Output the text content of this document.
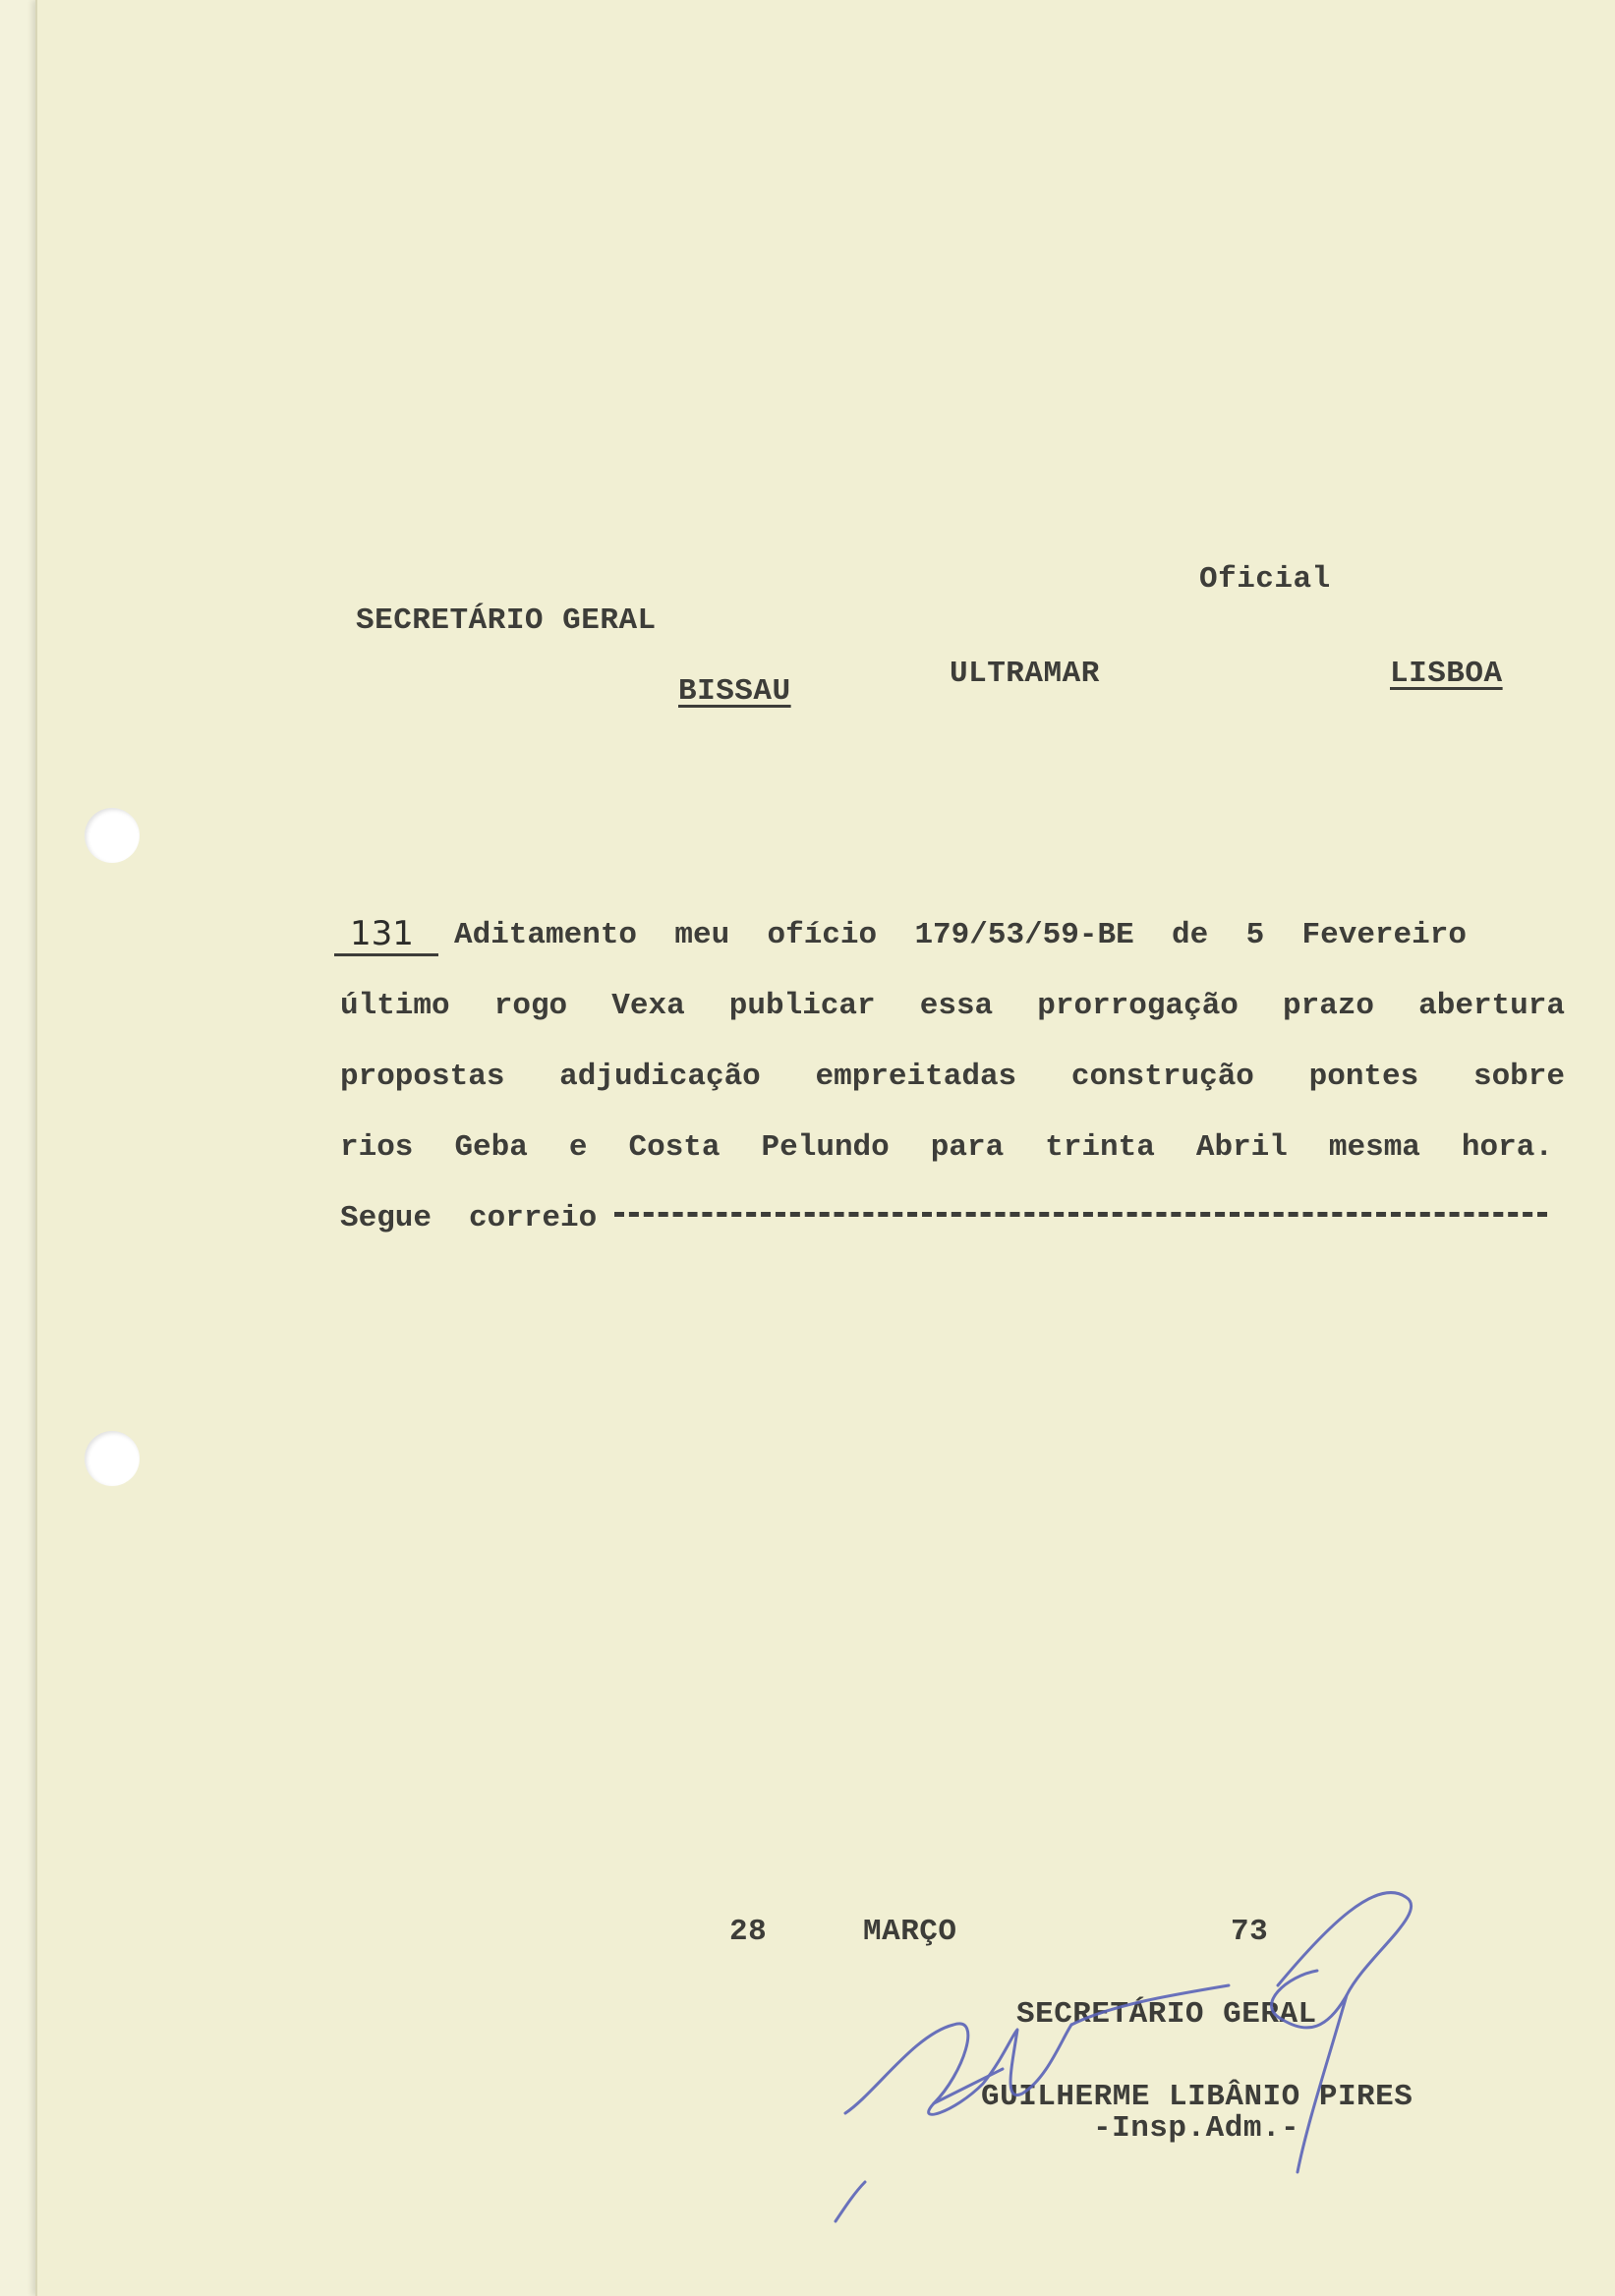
Oficial
SECRETÁRIO GERAL
BISSAU
ULTRAMAR	LISBOA
131 Aditamento meu ofício 179/53/59-BE de 5 Fevereiro
último rogo Vexa publicar essa prorrogação prazo abertura
propostas adjudicação empreitadas construção pontes sobre
rios Geba e Costa Pelundo para trinta Abril mesma hora.
Segue correio
28	MARÇO	73
SECRETÁRIO GERAL
GUILHERME LIBÂNIO PIRES
-Insp.Adm.-
